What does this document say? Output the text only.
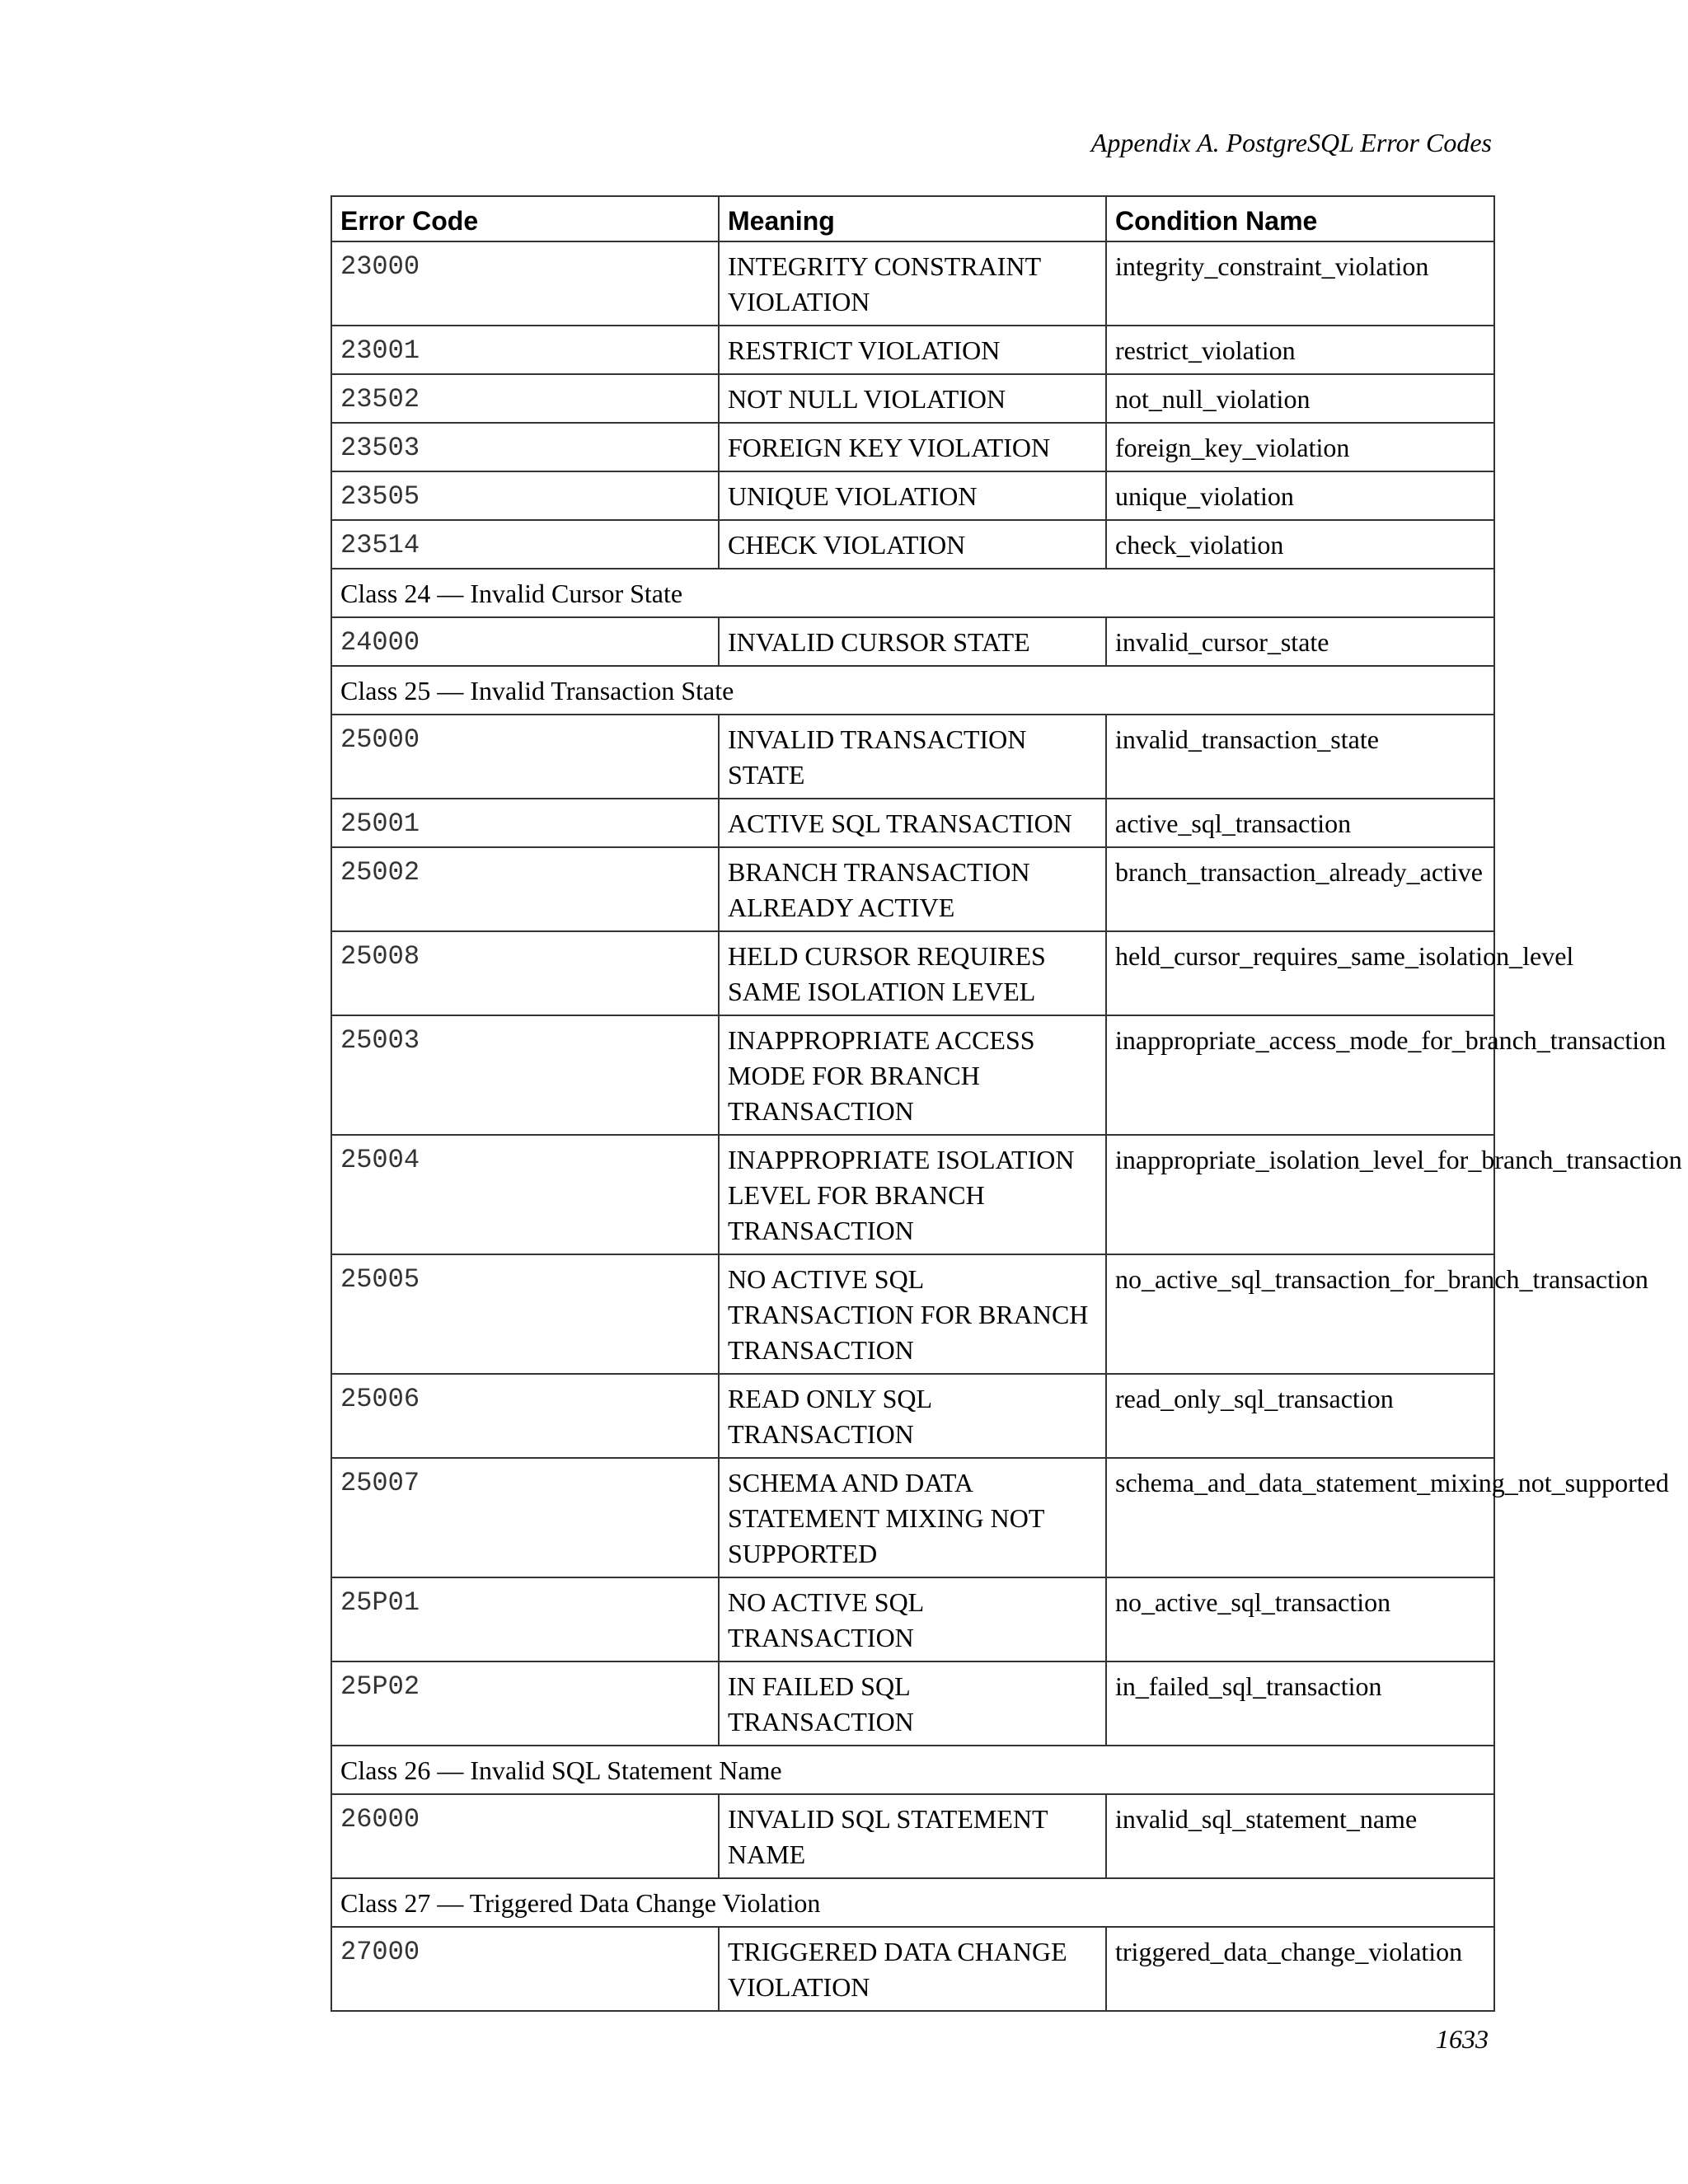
Appendix A. PostgreSQL Error Codes
Error Code	Meaning	Condition Name
23000	INTEGRITY CONSTRAINT VIOLATION	integrity_constraint_violation
23001	RESTRICT VIOLATION	restrict_violation
23502	NOT NULL VIOLATION	not_null_violation
23503	FOREIGN KEY VIOLATION	foreign_key_violation
23505	UNIQUE VIOLATION	unique_violation
23514	CHECK VIOLATION	check_violation
Class 24 — Invalid Cursor State		
24000	INVALID CURSOR STATE	invalid_cursor_state
Class 25 — Invalid Transaction State		
25000	INVALID TRANSACTION STATE	invalid_transaction_state
25001	ACTIVE SQL TRANSACTION	active_sql_transaction
25002	BRANCH TRANSACTION ALREADY ACTIVE	branch_transaction_already_active
25008	HELD CURSOR REQUIRES SAME ISOLATION LEVEL	held_cursor_requires_same_isolation_level
25003	INAPPROPRIATE ACCESS MODE FOR BRANCH TRANSACTION	inappropriate_access_mode_for_branch_transaction
25004	INAPPROPRIATE ISOLATION LEVEL FOR BRANCH TRANSACTION	inappropriate_isolation_level_for_branch_transaction
25005	NO ACTIVE SQL TRANSACTION FOR BRANCH TRANSACTION	no_active_sql_transaction_for_branch_transaction
25006	READ ONLY SQL TRANSACTION	read_only_sql_transaction
25007	SCHEMA AND DATA STATEMENT MIXING NOT SUPPORTED	schema_and_data_statement_mixing_not_supported
25P01	NO ACTIVE SQL TRANSACTION	no_active_sql_transaction
25P02	IN FAILED SQL TRANSACTION	in_failed_sql_transaction
Class 26 — Invalid SQL Statement Name		
26000	INVALID SQL STATEMENT NAME	invalid_sql_statement_name
Class 27 — Triggered Data Change Violation		
27000	TRIGGERED DATA CHANGE VIOLATION	triggered_data_change_violation
1633
